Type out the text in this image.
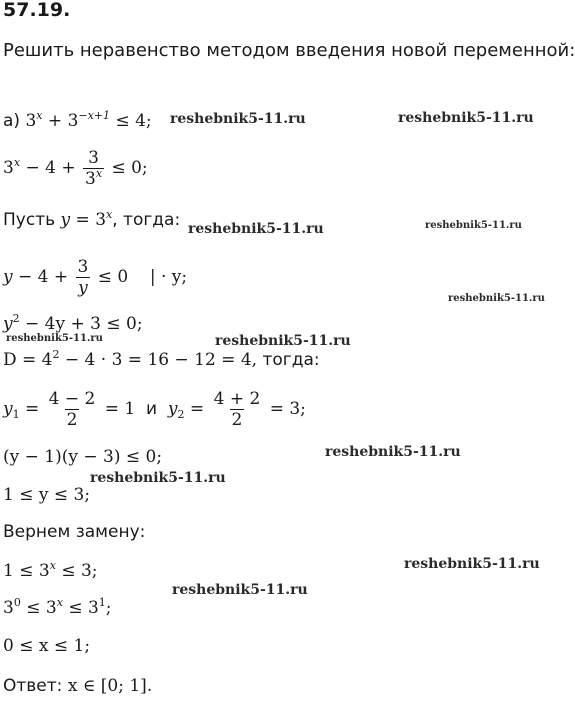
57.19.
Решить неравенство методом введения новой переменной:
а) $3^x + 3^{-x+1} \le 4$;
$3^x - 4 + \frac{3}{3^x} \le 0$;
Пусть $y = 3^x$, тогда:
$y - 4 + \frac{3}{y} \le 0$    | · y;
$y^2 - 4y + 3 \le 0$;
$D = 4^2 - 4 \cdot 3 = 16 - 12 = 4$, тогда:
$y_1 = \frac{4 - 2}{2} = 1$ и $y_2 = \frac{4 + 2}{2} = 3$;
(y − 1)(y − 3) ≤ 0;
1 ≤ y ≤ 3;
Вернем замену:
$1 \le 3^x \le 3$;
$3^0 \le 3^x \le 3^1$;
0 ≤ x ≤ 1;
Ответ: x ∈ [0; 1].
reshebnik5-11.ru	reshebnik5-11.ru
reshebnik5-11.ru	reshebnik5-11.ru
reshebnik5-11.ru
reshebnik5-11.ru	reshebnik5-11.ru
reshebnik5-11.ru
reshebnik5-11.ru
reshebnik5-11.ru
reshebnik5-11.ru
